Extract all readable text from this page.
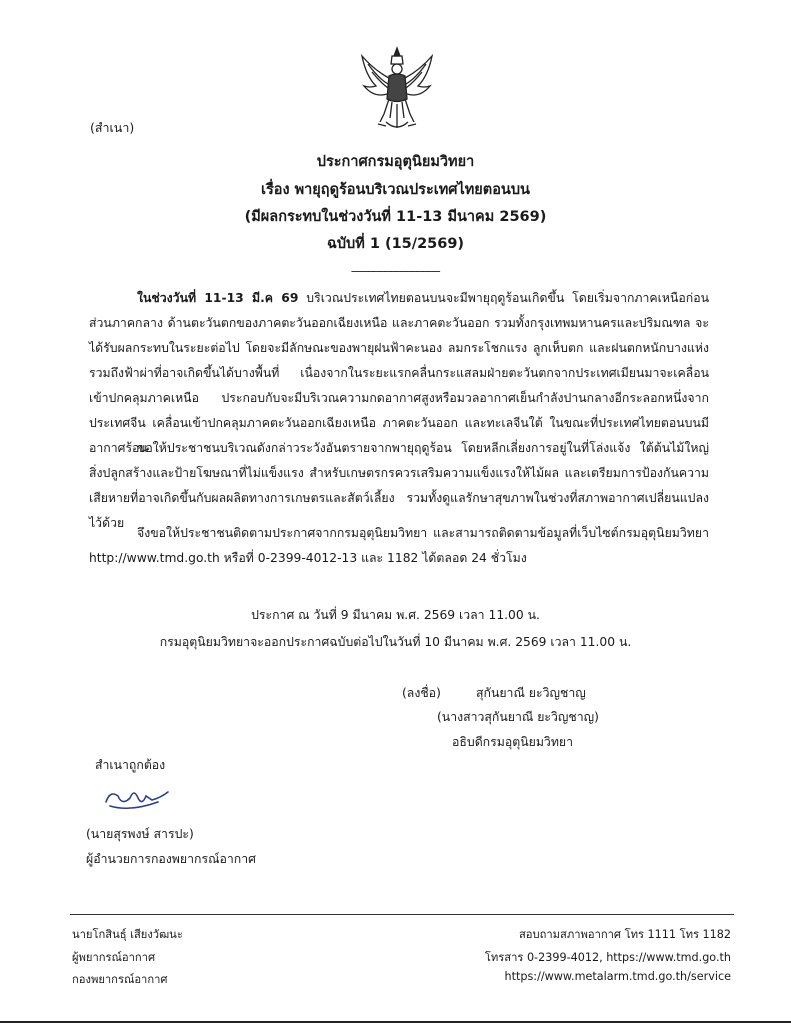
(สำเนา)
ประกาศกรมอุตุนิยมวิทยา
เรื่อง พายุฤดูร้อนบริเวณประเทศไทยตอนบน
(มีผลกระทบในช่วงวันที่ 11-13 มีนาคม 2569)
ฉบับที่ 1 (15/2569)
________________
ในช่วงวันที่ 11-13 มี.ค 69 บริเวณประเทศไทยตอนบนจะมีพายุฤดูร้อนเกิดขึ้น โดยเริ่มจากภาคเหนือก่อน ส่วนภาคกลาง ด้านตะวันตกของภาคตะวันออกเฉียงเหนือ และภาคตะวันออก รวมทั้งกรุงเทพมหานครและปริมณฑล จะได้รับผลกระทบในระยะต่อไป โดยจะมีลักษณะของพายุฝนฟ้าคะนอง ลมกระโชกแรง ลูกเห็บตก และฝนตกหนักบางแห่ง รวมถึงฟ้าผ่าที่อาจเกิดขึ้นได้บางพื้นที่ เนื่องจากในระยะแรกคลื่นกระแสลมฝ่ายตะวันตกจากประเทศเมียนมาจะเคลื่อนเข้าปกคลุมภาคเหนือ ประกอบกับจะมีบริเวณความกดอากาศสูงหรือมวลอากาศเย็นกำลังปานกลางอีกระลอกหนึ่งจากประเทศจีน เคลื่อนเข้าปกคลุมภาคตะวันออกเฉียงเหนือ ภาคตะวันออก และทะเลจีนใต้ ในขณะที่ประเทศไทยตอนบนมีอากาศร้อน
ขอให้ประชาชนบริเวณดังกล่าวระวังอันตรายจากพายุฤดูร้อน โดยหลีกเลี่ยงการอยู่ในที่โล่งแจ้ง ใต้ต้นไม้ใหญ่ สิ่งปลูกสร้างและป้ายโฆษณาที่ไม่แข็งแรง สำหรับเกษตรกรควรเสริมความแข็งแรงให้ไม้ผล และเตรียมการป้องกันความเสียหายที่อาจเกิดขึ้นกับผลผลิตทางการเกษตรและสัตว์เลี้ยง รวมทั้งดูแลรักษาสุขภาพในช่วงที่สภาพอากาศเปลี่ยนแปลงไว้ด้วย
จึงขอให้ประชาชนติดตามประกาศจากกรมอุตุนิยมวิทยา และสามารถติดตามข้อมูลที่เว็บไซต์กรมอุตุนิยมวิทยา http://www.tmd.go.th หรือที่ 0-2399-4012-13 และ 1182 ได้ตลอด 24 ชั่วโมง
ประกาศ ณ วันที่ 9 มีนาคม พ.ศ. 2569 เวลา 11.00 น.
กรมอุตุนิยมวิทยาจะออกประกาศฉบับต่อไปในวันที่ 10 มีนาคม พ.ศ. 2569 เวลา 11.00 น.
(ลงชื่อ)	สุกันยาณี ยะวิญชาญ
(นางสาวสุกันยาณี ยะวิญชาญ)
อธิบดีกรมอุตุนิยมวิทยา
สำเนาถูกต้อง
(นายสุรพงษ์ สารปะ)
ผู้อำนวยการกองพยากรณ์อากาศ
นายโกสินธุ์ เสียงวัฒนะ
ผู้พยากรณ์อากาศ
กองพยากรณ์อากาศ
สอบถามสภาพอากาศ โทร 1111 โทร 1182
โทรสาร 0-2399-4012, https://www.tmd.go.th
https://www.metalarm.tmd.go.th/service
